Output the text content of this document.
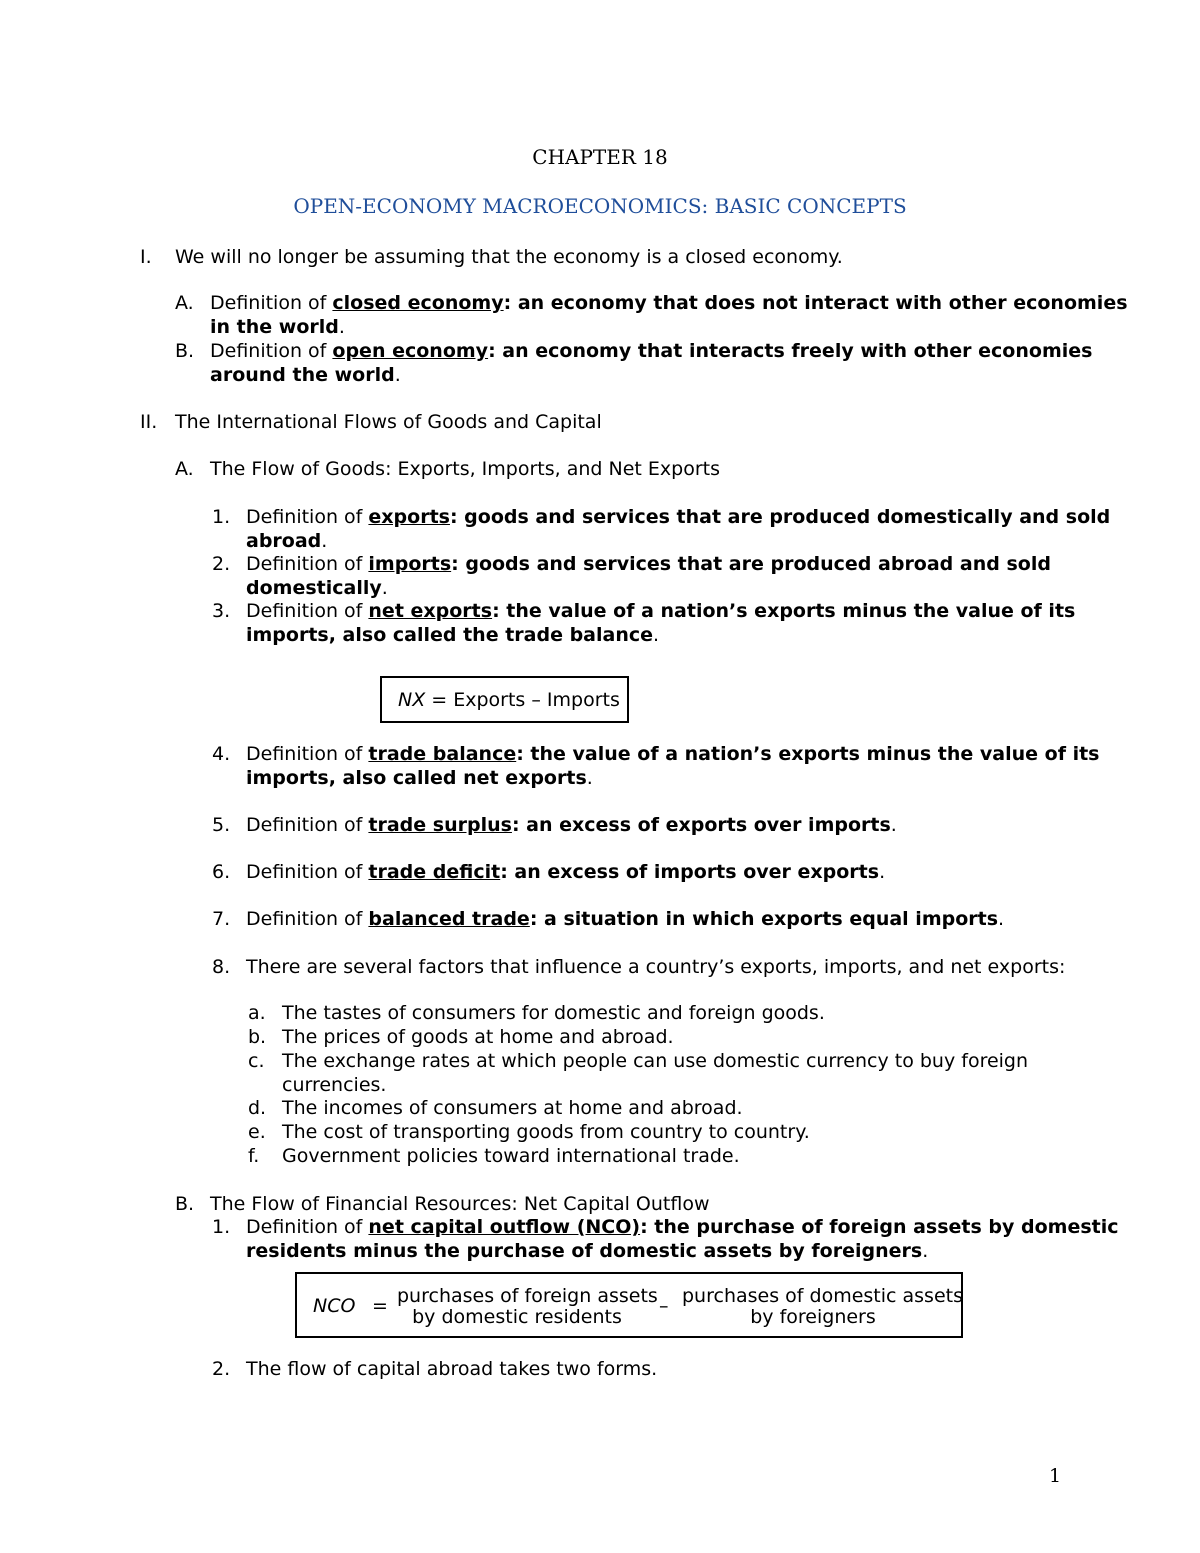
CHAPTER 18
OPEN-ECONOMY MACROECONOMICS: BASIC CONCEPTS
I. We will no longer be assuming that the economy is a closed economy.
A. Definition of closed economy: an economy that does not interact with other economies
in the world.
B. Definition of open economy: an economy that interacts freely with other economies
around the world.
II. The International Flows of Goods and Capital
A. The Flow of Goods: Exports, Imports, and Net Exports
1. Definition of exports: goods and services that are produced domestically and sold
abroad.
2. Definition of imports: goods and services that are produced abroad and sold
domestically.
3. Definition of net exports: the value of a nation’s exports minus the value of its
imports, also called the trade balance.
NX = Exports – Imports
4. Definition of trade balance: the value of a nation’s exports minus the value of its
imports, also called net exports.
5. Definition of trade surplus: an excess of exports over imports.
6. Definition of trade deficit: an excess of imports over exports.
7. Definition of balanced trade: a situation in which exports equal imports.
8. There are several factors that influence a country’s exports, imports, and net exports:
a. The tastes of consumers for domestic and foreign goods.
b. The prices of goods at home and abroad.
c. The exchange rates at which people can use domestic currency to buy foreign
currencies.
d. The incomes of consumers at home and abroad.
e. The cost of transporting goods from country to country.
f. Government policies toward international trade.
B. The Flow of Financial Resources: Net Capital Outflow
1. Definition of net capital outflow (NCO): the purchase of foreign assets by domestic
residents minus the purchase of domestic assets by foreigners.
NCO = purchases of foreign assets
by domestic residents	– purchases of domestic assets
by foreigners
2. The flow of capital abroad takes two forms.
1
